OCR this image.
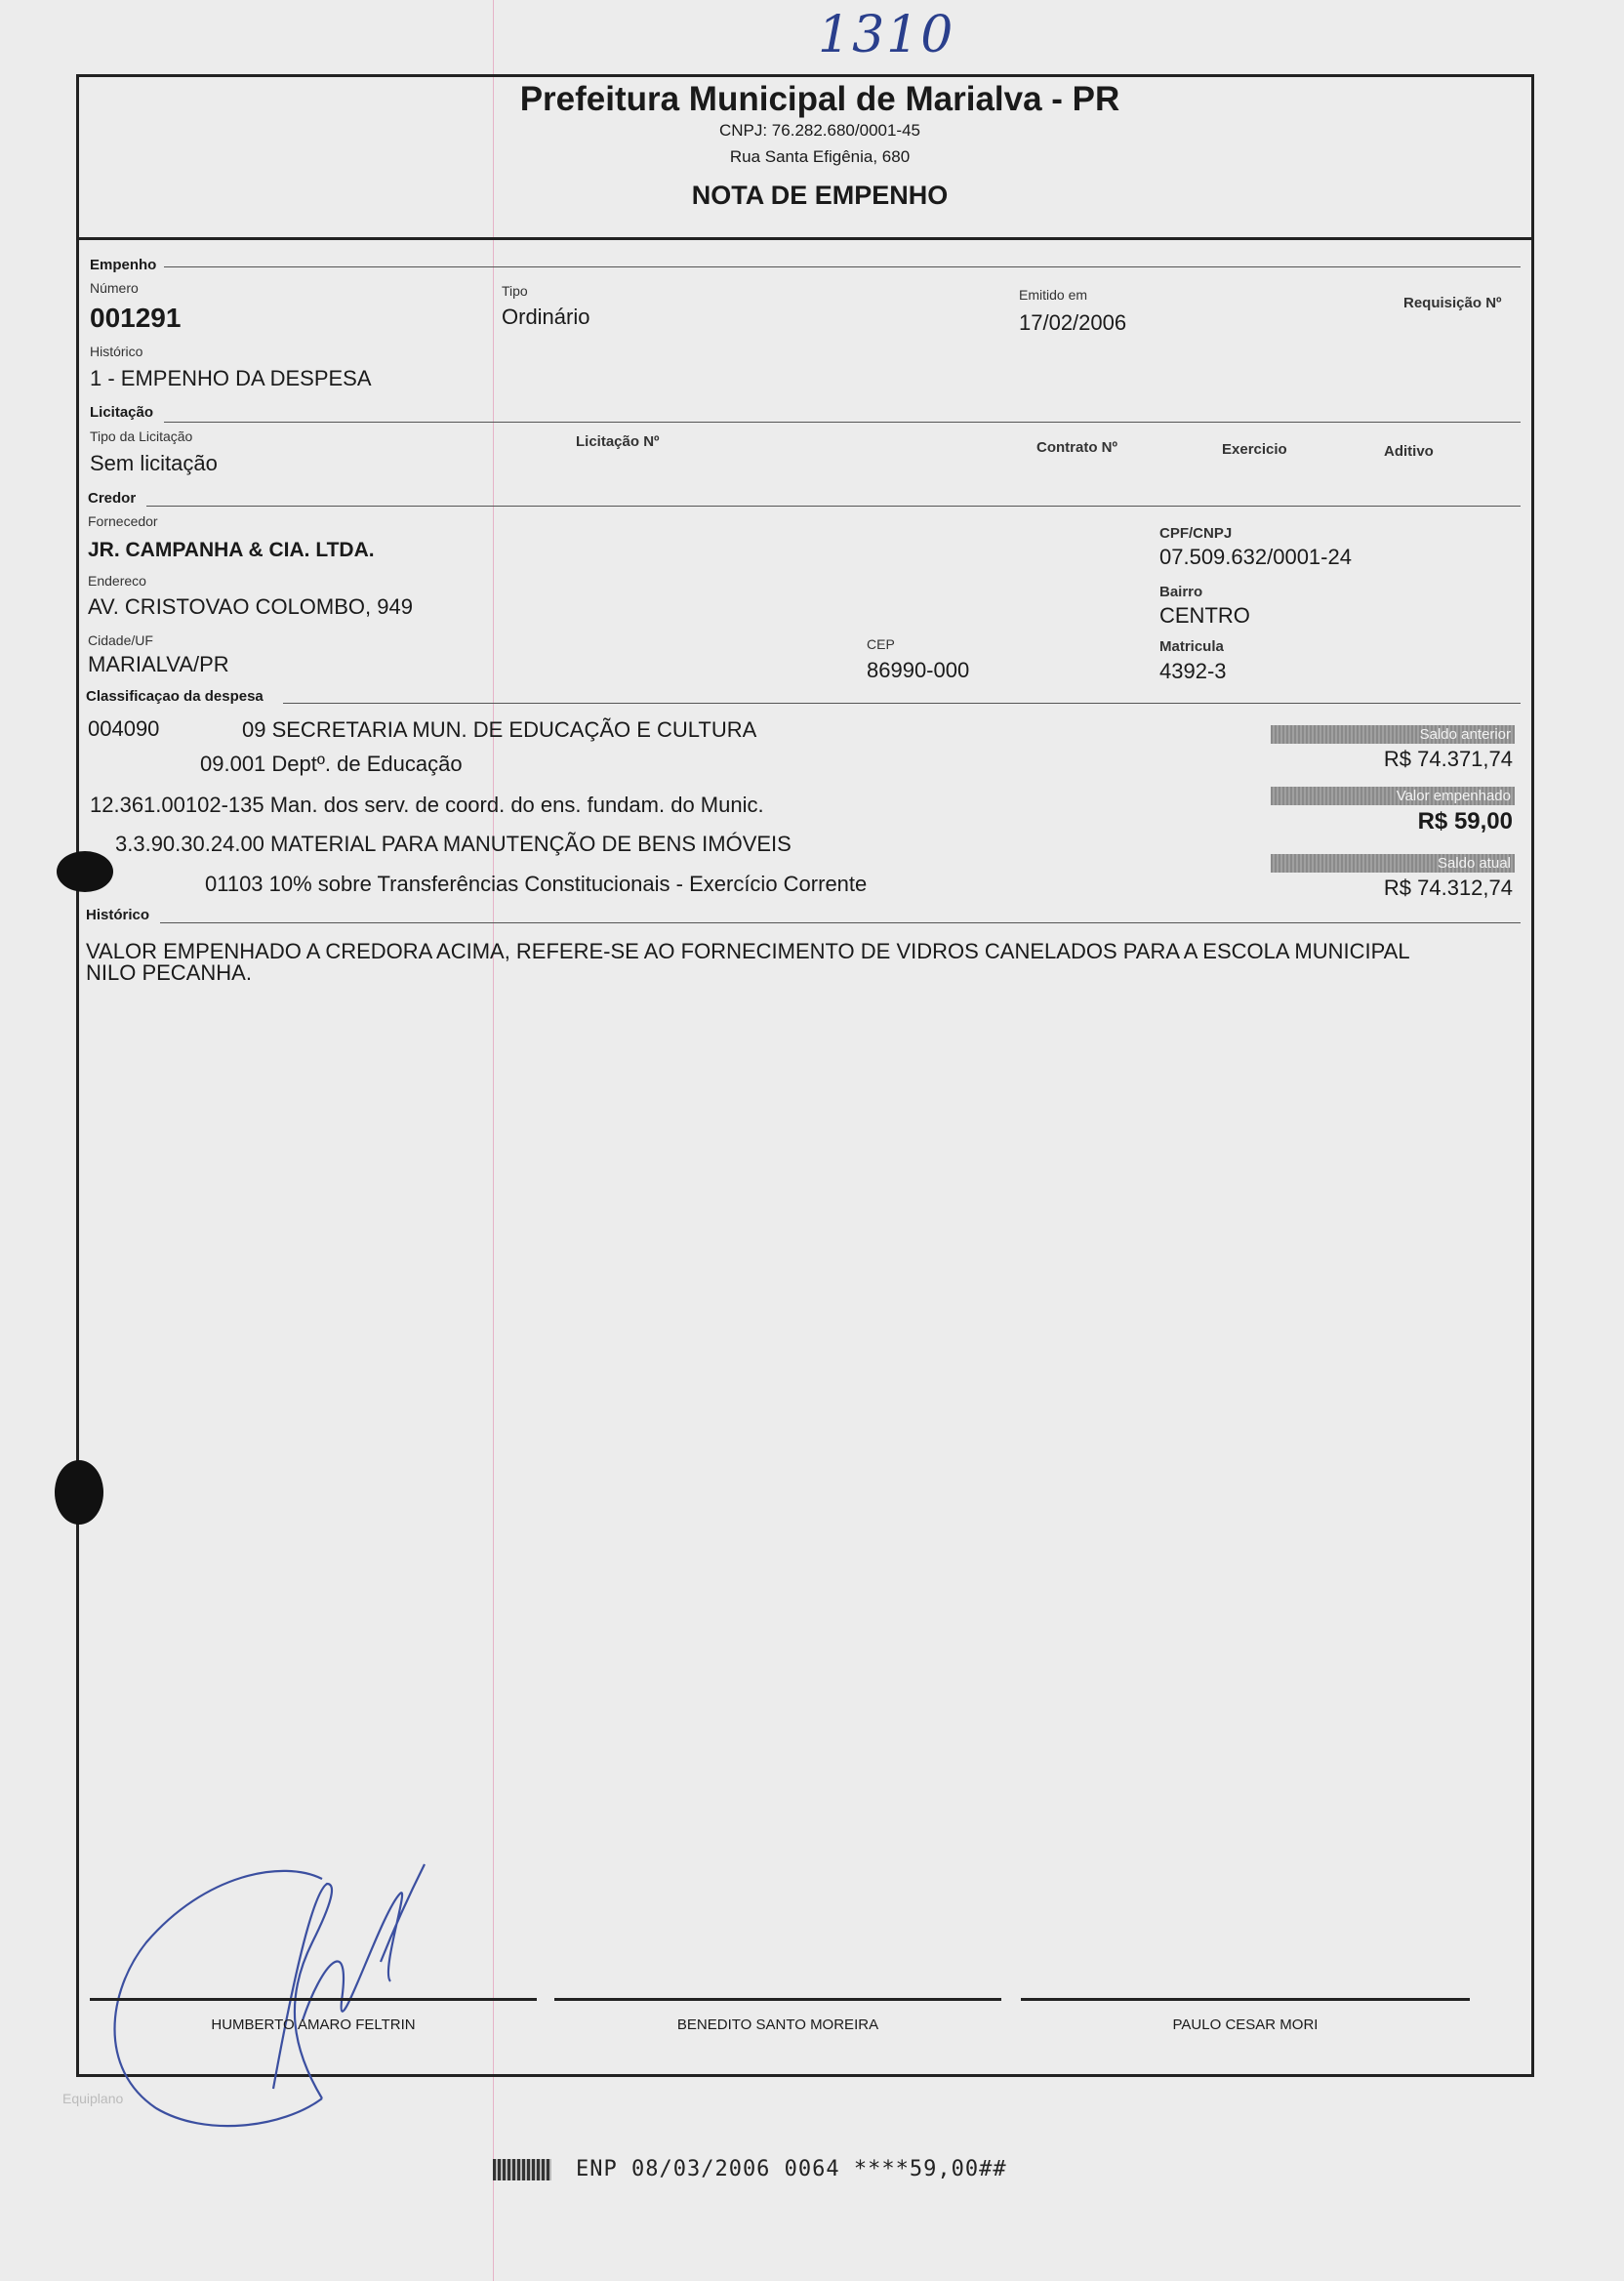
1310
Prefeitura Municipal de Marialva - PR
CNPJ: 76.282.680/0001-45
Rua Santa Efigênia, 680
NOTA DE EMPENHO
Empenho
Número
001291
Tipo
Ordinário
Emitido em
17/02/2006
Requisição Nº
Histórico
1 - EMPENHO DA DESPESA
Licitação
Tipo da Licitação
Sem licitação
Licitação Nº	Contrato Nº	Exercicio	Aditivo
Credor
Fornecedor
JR. CAMPANHA & CIA. LTDA.
CPF/CNPJ
07.509.632/0001-24
Endereco
AV. CRISTOVAO COLOMBO, 949
Bairro
CENTRO
Cidade/UF
MARIALVA/PR
CEP
86990-000
Matricula
4392-3
Classificaçao da despesa
004090	09 SECRETARIA MUN. DE EDUCAÇÃO E CULTURA
09.001 Deptº. de Educação
12.361.00102-135 Man. dos serv. de coord. do ens. fundam. do Munic.
3.3.90.30.24.00 MATERIAL PARA MANUTENÇÃO DE BENS IMÓVEIS
01103 10% sobre Transferências Constitucionais - Exercício Corrente
Saldo anterior
R$ 74.371,74
Valor empenhado
R$ 59,00
Saldo atual
R$ 74.312,74
Histórico
VALOR EMPENHADO A CREDORA ACIMA, REFERE-SE AO FORNECIMENTO DE VIDROS CANELADOS PARA A ESCOLA MUNICIPAL
NILO PECANHA.
HUMBERTO AMARO FELTRIN	BENEDITO SANTO MOREIRA	PAULO CESAR MORI
Equiplano
ENP 08/03/2006 0064 ****59,00##
